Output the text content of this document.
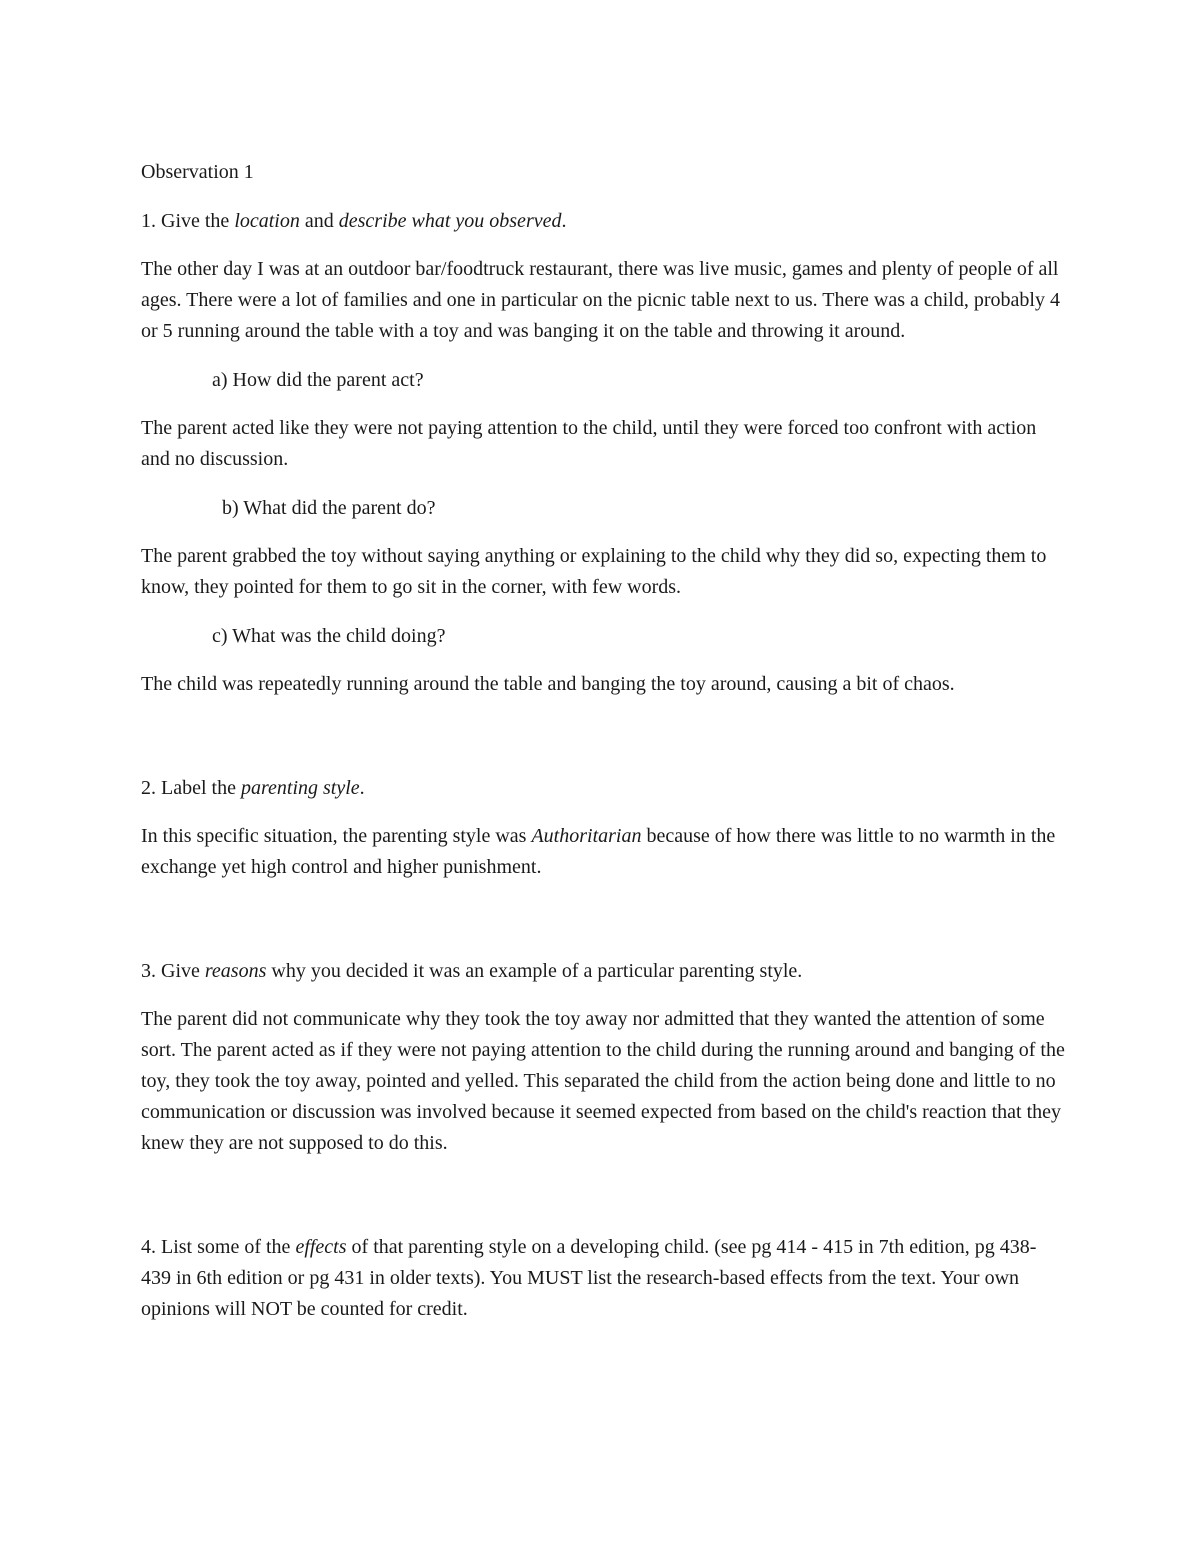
Observation 1

1. Give the location and describe what you observed.

The other day I was at an outdoor bar/foodtruck restaurant, there was live music, games and plenty of people of all ages. There were a lot of families and one in particular on the picnic table next to us. There was a child, probably 4 or 5 running around the table with a toy and was banging it on the table and throwing it around.

a) How did the parent act?

The parent acted like they were not paying attention to the child, until they were forced too confront with action and no discussion.

b) What did the parent do?

The parent grabbed the toy without saying anything or explaining to the child why they did so, expecting them to know, they pointed for them to go sit in the corner, with few words.

c) What was the child doing?

The child was repeatedly running around the table and banging the toy around, causing a bit of chaos.

2. Label the parenting style.

In this specific situation, the parenting style was Authoritarian because of how there was little to no warmth in the exchange yet high control and higher punishment.

3. Give reasons why you decided it was an example of a particular parenting style.

The parent did not communicate why they took the toy away nor admitted that they wanted the attention of some sort. The parent acted as if they were not paying attention to the child during the running around and banging of the toy, they took the toy away, pointed and yelled. This separated the child from the action being done and little to no communication or discussion was involved because it seemed expected from based on the child's reaction that they knew they are not supposed to do this.

4. List some of the effects of that parenting style on a developing child. (see pg 414 - 415 in 7th edition, pg 438-439 in 6th edition or pg 431 in older texts). You MUST list the research-based effects from the text. Your own opinions will NOT be counted for credit.
